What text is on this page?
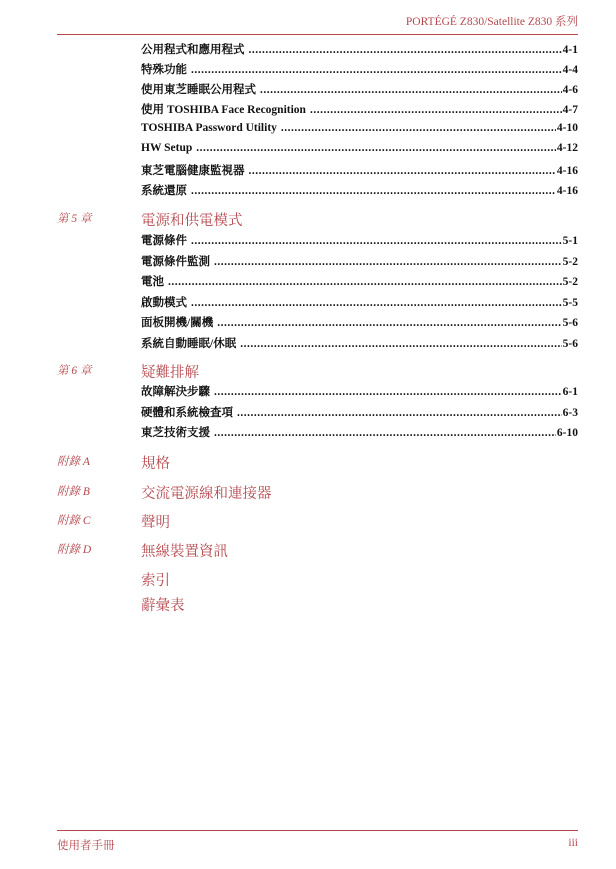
PORTÉGÉ Z830/Satellite Z830 系列
公用程式和應用程式 .....	4-1
特殊功能 .....	4-4
使用東芝睡眠公用程式 .....	4-6
使用 TOSHIBA Face Recognition .....	4-7
TOSHIBA Password Utility .....	4-10
HW Setup .....	4-12
東芝電腦健康監視器 .....	4-16
系統還原 .....	4-16
第 5 章	電源和供電模式
電源條件 .....	5-1
電源條件監測 .....	5-2
電池 .....	5-2
啟動模式 .....	5-5
面板開機/關機 .....	5-6
系統自動睡眠/休眠 .....	5-6
第 6 章	疑難排解
故障解決步驟 .....	6-1
硬體和系統檢查項 .....	6-3
東芝技術支援 .....	6-10
附錄 A	規格
附錄 B	交流電源線和連接器
附錄 C	聲明
附錄 D	無線裝置資訊
索引
辭彙表
使用者手冊	iii
